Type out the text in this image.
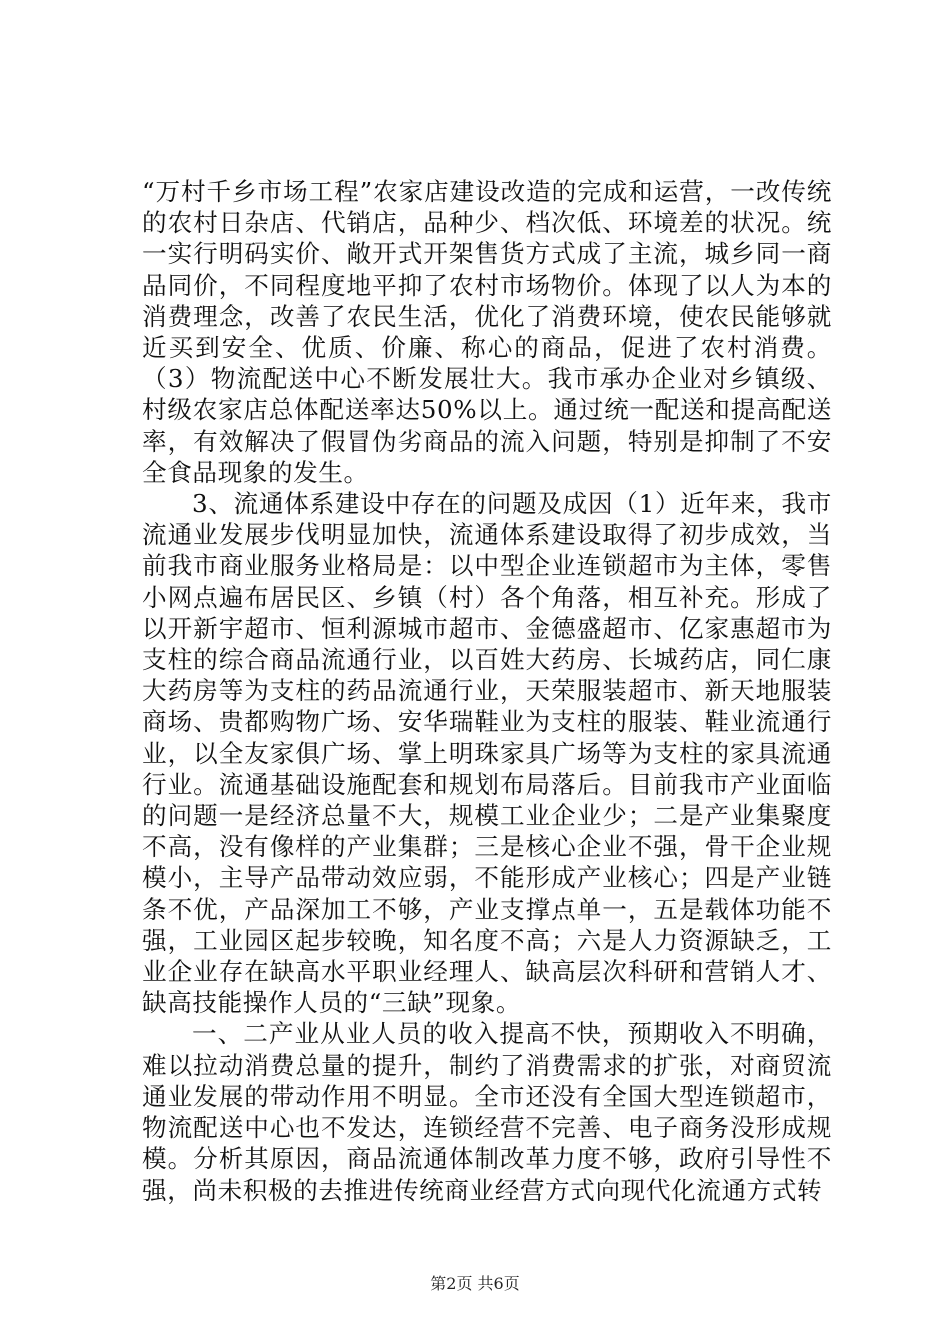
“万村千乡市场工程”农家店建设改造的完成和运营，一改传统的农村日杂店、代销店，品种少、档次低、环境差的状况。统一实行明码实价、敞开式开架售货方式成了主流，城乡同一商品同价，不同程度地平抑了农村市场物价。体现了以人为本的消费理念，改善了农民生活，优化了消费环境，使农民能够就近买到安全、优质、价廉、称心的商品，促进了农村消费。（3）物流配送中心不断发展壮大。我市承办企业对乡镇级、村级农家店总体配送率达50%以上。通过统一配送和提高配送率，有效解决了假冒伪劣商品的流入问题，特别是抑制了不安全食品现象的发生。

3、流通体系建设中存在的问题及成因（1）近年来，我市流通业发展步伐明显加快，流通体系建设取得了初步成效，当前我市商业服务业格局是：以中型企业连锁超市为主体，零售小网点遍布居民区、乡镇（村）各个角落，相互补充。形成了以开新宇超市、恒利源城市超市、金德盛超市、亿家惠超市为支柱的综合商品流通行业，以百姓大药房、长城药店，同仁康大药房等为支柱的药品流通行业，天荣服装超市、新天地服装商场、贵都购物广场、安华瑞鞋业为支柱的服装、鞋业流通行业，以全友家俱广场、掌上明珠家具广场等为支柱的家具流通行业。流通基础设施配套和规划布局落后。目前我市产业面临的问题一是经济总量不大，规模工业企业少；二是产业集聚度不高，没有像样的产业集群；三是核心企业不强，骨干企业规模小，主导产品带动效应弱，不能形成产业核心；四是产业链条不优，产品深加工不够，产业支撑点单一，五是载体功能不强，工业园区起步较晚，知名度不高；六是人力资源缺乏，工业企业存在缺高水平职业经理人、缺高层次科研和营销人才、缺高技能操作人员的“三缺”现象。

一、二产业从业人员的收入提高不快，预期收入不明确，难以拉动消费总量的提升，制约了消费需求的扩张，对商贸流通业发展的带动作用不明显。全市还没有全国大型连锁超市，物流配送中心也不发达，连锁经营不完善、电子商务没形成规模。分析其原因，商品流通体制改革力度不够，政府引导性不强，尚未积极的去推进传统商业经营方式向现代化流通方式转

第2页 共6页
